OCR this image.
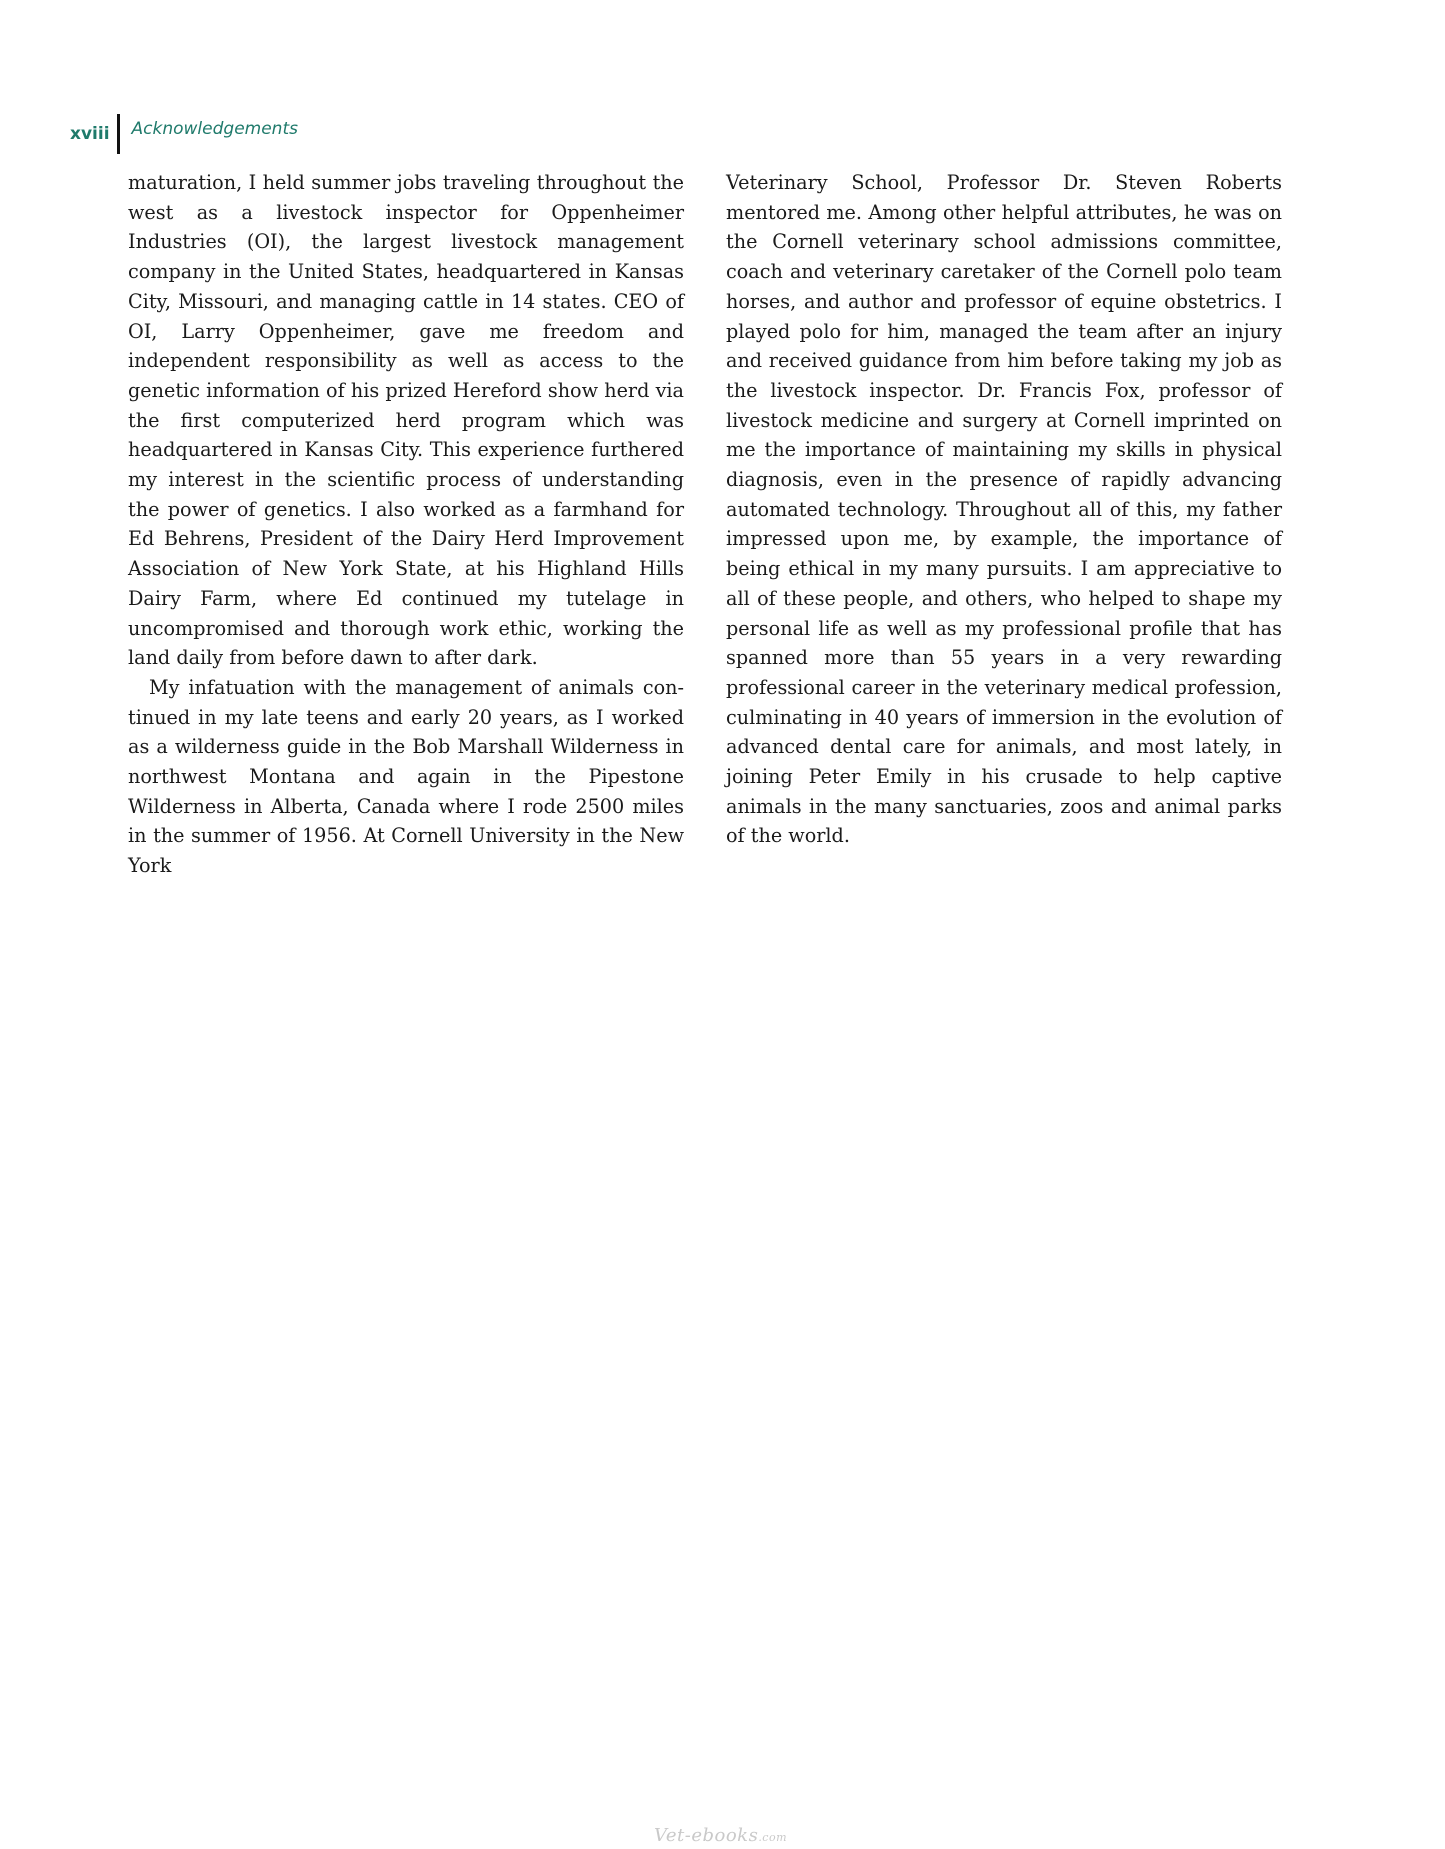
xviii	Acknowledgements

maturation, I held summer jobs traveling throughout the west as a livestock inspector for Oppenheimer Industries (OI), the largest livestock management company in the United States, headquartered in Kansas City, Missouri, and managing cattle in 14 states. CEO of OI, Larry Oppenheimer, gave me freedom and independent responsibility as well as access to the genetic information of his prized Hereford show herd via the first computerized herd program which was headquartered in Kansas City. This experience furthered my interest in the scientific process of understanding the power of genetics. I also worked as a farmhand for Ed Behrens, President of the Dairy Herd Improvement Association of New York State, at his Highland Hills Dairy Farm, where Ed continued my tutelage in uncompromised and thorough work ethic, working the land daily from before dawn to after dark.

My infatuation with the management of animals continued in my late teens and early 20 years, as I worked as a wilderness guide in the Bob Marshall Wilderness in northwest Montana and again in the Pipestone Wilderness in Alberta, Canada where I rode 2500 miles in the summer of 1956. At Cornell University in the New York

Veterinary School, Professor Dr. Steven Roberts mentored me. Among other helpful attributes, he was on the Cornell veterinary school admissions committee, coach and veterinary caretaker of the Cornell polo team horses, and author and professor of equine obstetrics. I played polo for him, managed the team after an injury and received guidance from him before taking my job as the livestock inspector. Dr. Francis Fox, professor of livestock medicine and surgery at Cornell imprinted on me the importance of maintaining my skills in physical diagnosis, even in the presence of rapidly advancing automated technology. Throughout all of this, my father impressed upon me, by example, the importance of being ethical in my many pursuits. I am appreciative to all of these people, and others, who helped to shape my personal life as well as my professional profile that has spanned more than 55 years in a very rewarding professional career in the veterinary medical profession, culminating in 40 years of immersion in the evolution of advanced dental care for animals, and most lately, in joining Peter Emily in his crusade to help captive animals in the many sanctuaries, zoos and animal parks of the world.

Vet-ebooks.com
